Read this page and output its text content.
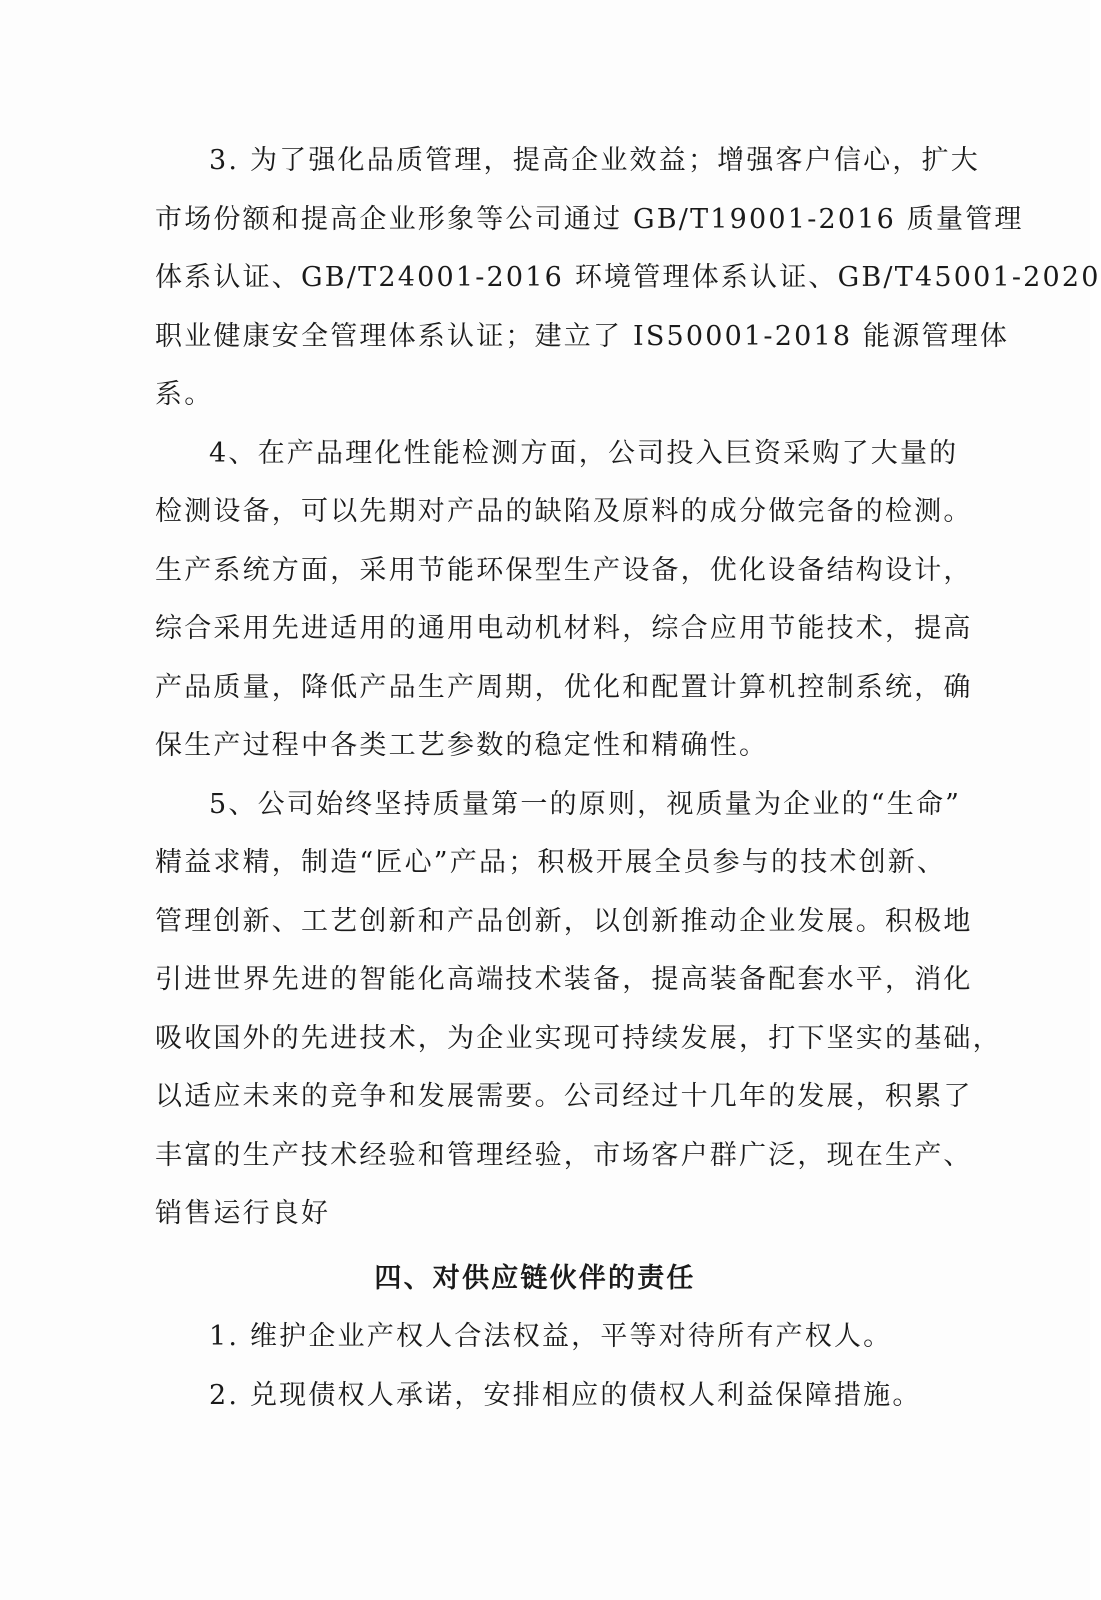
3. 为了强化品质管理，提高企业效益；增强客户信心，扩大
市场份额和提高企业形象等公司通过 GB/T19001-2016 质量管理
体系认证、GB/T24001-2016 环境管理体系认证、GB/T45001-2020
职业健康安全管理体系认证；建立了 IS50001-2018 能源管理体
系。
4、在产品理化性能检测方面，公司投入巨资采购了大量的
检测设备，可以先期对产品的缺陷及原料的成分做完备的检测。
生产系统方面，采用节能环保型生产设备，优化设备结构设计，
综合采用先进适用的通用电动机材料，综合应用节能技术，提高
产品质量，降低产品生产周期，优化和配置计算机控制系统，确
保生产过程中各类工艺参数的稳定性和精确性。
5、公司始终坚持质量第一的原则，视质量为企业的“生命”
精益求精，制造“匠心”产品；积极开展全员参与的技术创新、
管理创新、工艺创新和产品创新，以创新推动企业发展。积极地
引进世界先进的智能化高端技术装备，提高装备配套水平，消化
吸收国外的先进技术，为企业实现可持续发展，打下坚实的基础，
以适应未来的竞争和发展需要。公司经过十几年的发展，积累了
丰富的生产技术经验和管理经验，市场客户群广泛，现在生产、
销售运行良好
四、对供应链伙伴的责任
1. 维护企业产权人合法权益，平等对待所有产权人。
2. 兑现债权人承诺，安排相应的债权人利益保障措施。
